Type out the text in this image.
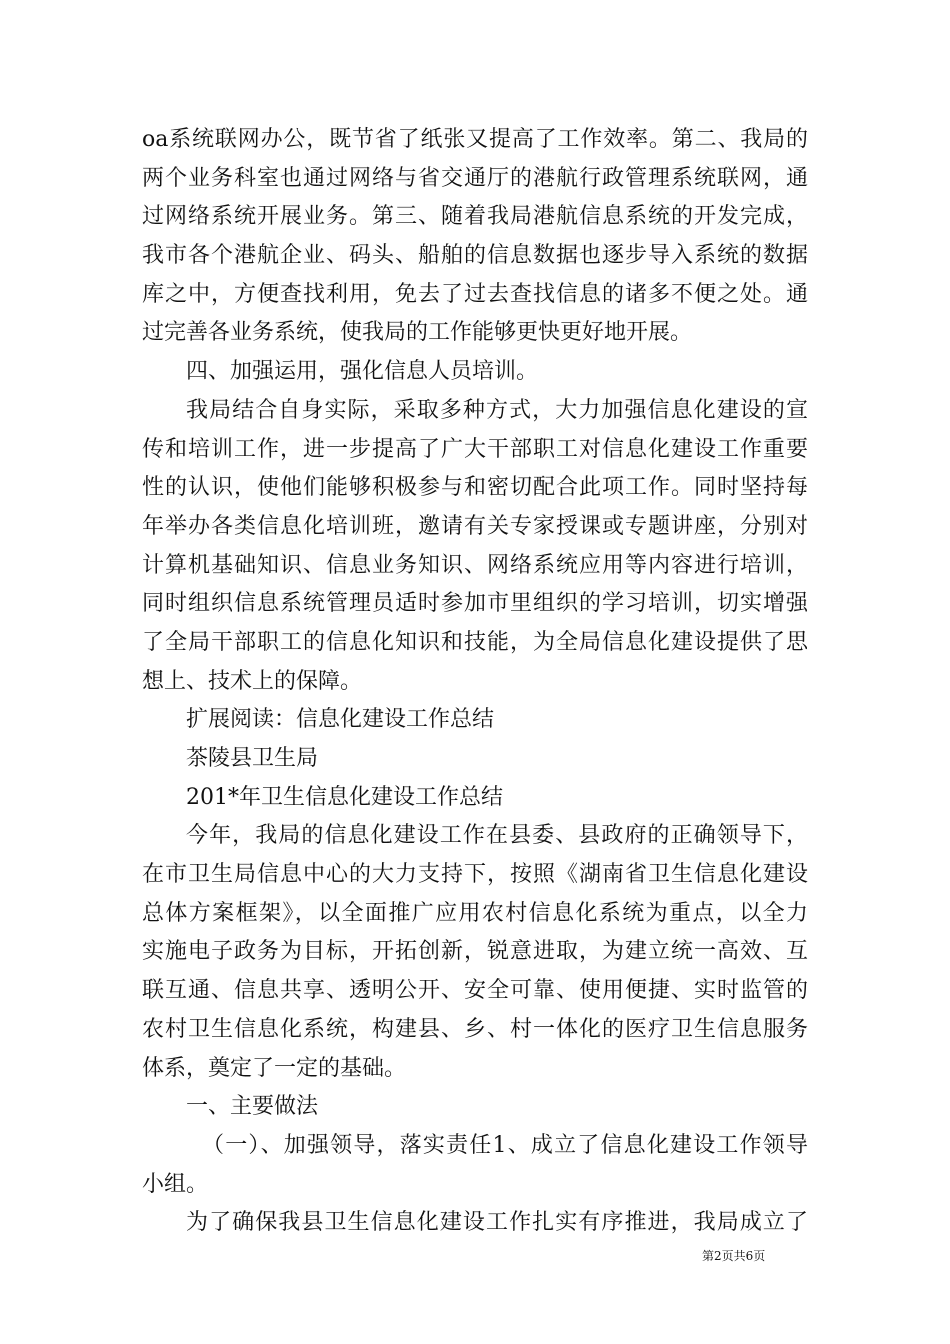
oa系统联网办公，既节省了纸张又提高了工作效率。第二、我局的
两个业务科室也通过网络与省交通厅的港航行政管理系统联网，通
过网络系统开展业务。第三、随着我局港航信息系统的开发完成，
我市各个港航企业、码头、船舶的信息数据也逐步导入系统的数据
库之中，方便查找利用，免去了过去查找信息的诸多不便之处。通
过完善各业务系统，使我局的工作能够更快更好地开展。
四、加强运用，强化信息人员培训。
我局结合自身实际，采取多种方式，大力加强信息化建设的宣
传和培训工作，进一步提高了广大干部职工对信息化建设工作重要
性的认识，使他们能够积极参与和密切配合此项工作。同时坚持每
年举办各类信息化培训班，邀请有关专家授课或专题讲座，分别对
计算机基础知识、信息业务知识、网络系统应用等内容进行培训，
同时组织信息系统管理员适时参加市里组织的学习培训，切实增强
了全局干部职工的信息化知识和技能，为全局信息化建设提供了思
想上、技术上的保障。
扩展阅读：信息化建设工作总结
茶陵县卫生局
201*年卫生信息化建设工作总结
今年，我局的信息化建设工作在县委、县政府的正确领导下，
在市卫生局信息中心的大力支持下，按照《湖南省卫生信息化建设
总体方案框架》，以全面推广应用农村信息化系统为重点，以全力
实施电子政务为目标，开拓创新，锐意进取，为建立统一高效、互
联互通、信息共享、透明公开、安全可靠、使用便捷、实时监管的
农村卫生信息化系统，构建县、乡、村一体化的医疗卫生信息服务
体系，奠定了一定的基础。
一、主要做法
（一）、加强领导，落实责任1、成立了信息化建设工作领导
小组。
为了确保我县卫生信息化建设工作扎实有序推进，我局成立了
第2页共6页
